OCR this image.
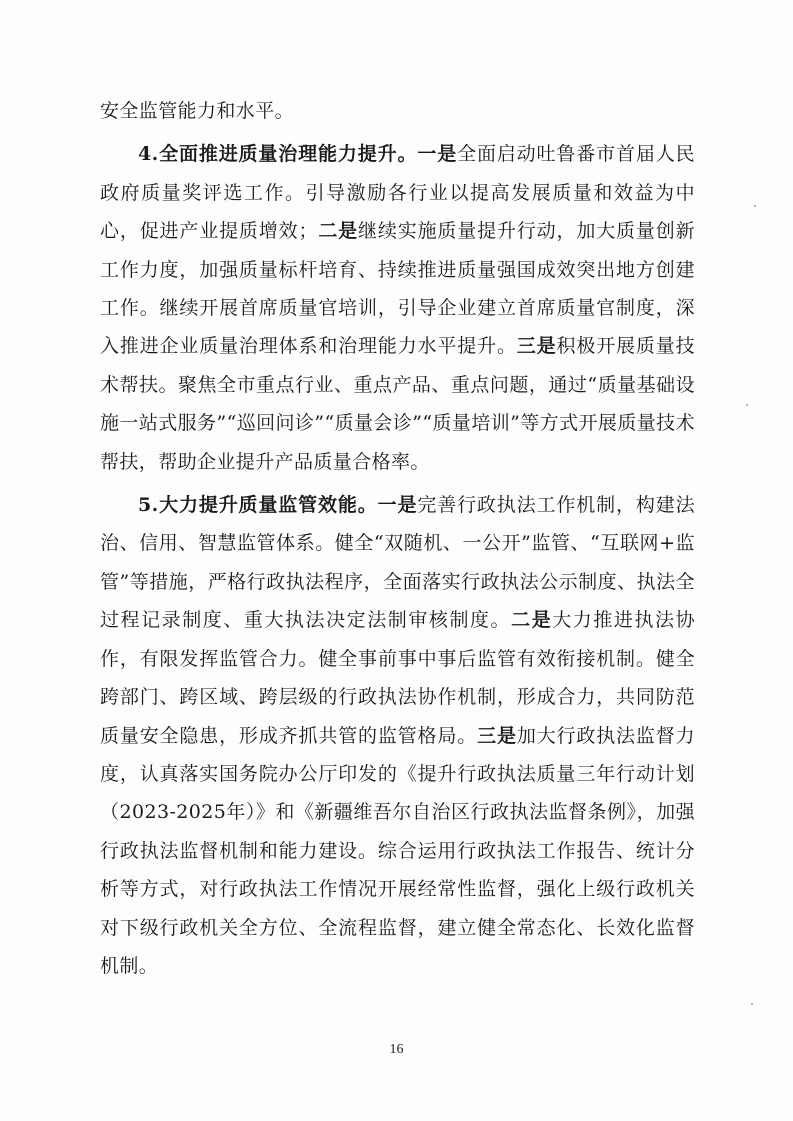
安全监管能力和水平。

4.全面推进质量治理能力提升。一是全面启动吐鲁番市首届人民政府质量奖评选工作。引导激励各行业以提高发展质量和效益为中心，促进产业提质增效；二是继续实施质量提升行动，加大质量创新工作力度，加强质量标杆培育、持续推进质量强国成效突出地方创建工作。继续开展首席质量官培训，引导企业建立首席质量官制度，深入推进企业质量治理体系和治理能力水平提升。三是积极开展质量技术帮扶。聚焦全市重点行业、重点产品、重点问题，通过“质量基础设施一站式服务”“巡回问诊”“质量会诊”“质量培训”等方式开展质量技术帮扶，帮助企业提升产品质量合格率。

5.大力提升质量监管效能。一是完善行政执法工作机制，构建法治、信用、智慧监管体系。健全“双随机、一公开”监管、“互联网+监管”等措施，严格行政执法程序，全面落实行政执法公示制度、执法全过程记录制度、重大执法决定法制审核制度。二是大力推进执法协作，有限发挥监管合力。健全事前事中事后监管有效衔接机制。健全跨部门、跨区域、跨层级的行政执法协作机制，形成合力，共同防范质量安全隐患，形成齐抓共管的监管格局。三是加大行政执法监督力度，认真落实国务院办公厅印发的《提升行政执法质量三年行动计划（2023-2025年）》和《新疆维吾尔自治区行政执法监督条例》，加强行政执法监督机制和能力建设。综合运用行政执法工作报告、统计分析等方式，对行政执法工作情况开展经常性监督，强化上级行政机关对下级行政机关全方位、全流程监督，建立健全常态化、长效化监督机制。

16
